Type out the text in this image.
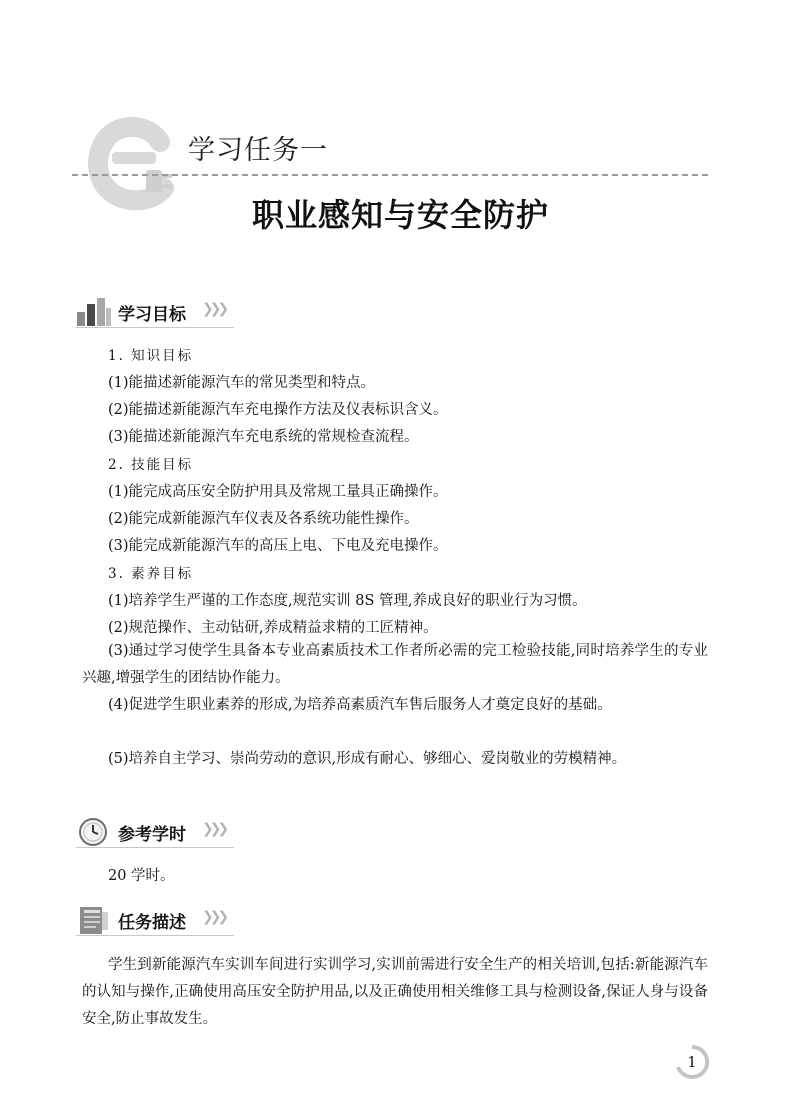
学习任务一
职业感知与安全防护
学习目标 ❯❯❯
1. 知识目标
(1)能描述新能源汽车的常见类型和特点。
(2)能描述新能源汽车充电操作方法及仪表标识含义。
(3)能描述新能源汽车充电系统的常规检查流程。
2. 技能目标
(1)能完成高压安全防护用具及常规工量具正确操作。
(2)能完成新能源汽车仪表及各系统功能性操作。
(3)能完成新能源汽车的高压上电、下电及充电操作。
3. 素养目标
(1)培养学生严谨的工作态度,规范实训 8S 管理,养成良好的职业行为习惯。
(2)规范操作、主动钻研,养成精益求精的工匠精神。
(3)通过学习使学生具备本专业高素质技术工作者所必需的完工检验技能,同时培养学生的专业兴趣,增强学生的团结协作能力。
(4)促进学生职业素养的形成,为培养高素质汽车售后服务人才奠定良好的基础。
(5)培养自主学习、崇尚劳动的意识,形成有耐心、够细心、爱岗敬业的劳模精神。
参考学时 ❯❯❯
20 学时。
任务描述 ❯❯❯
学生到新能源汽车实训车间进行实训学习,实训前需进行安全生产的相关培训,包括:新能源汽车的认知与操作,正确使用高压安全防护用品,以及正确使用相关维修工具与检测设备,保证人身与设备安全,防止事故发生。
1
